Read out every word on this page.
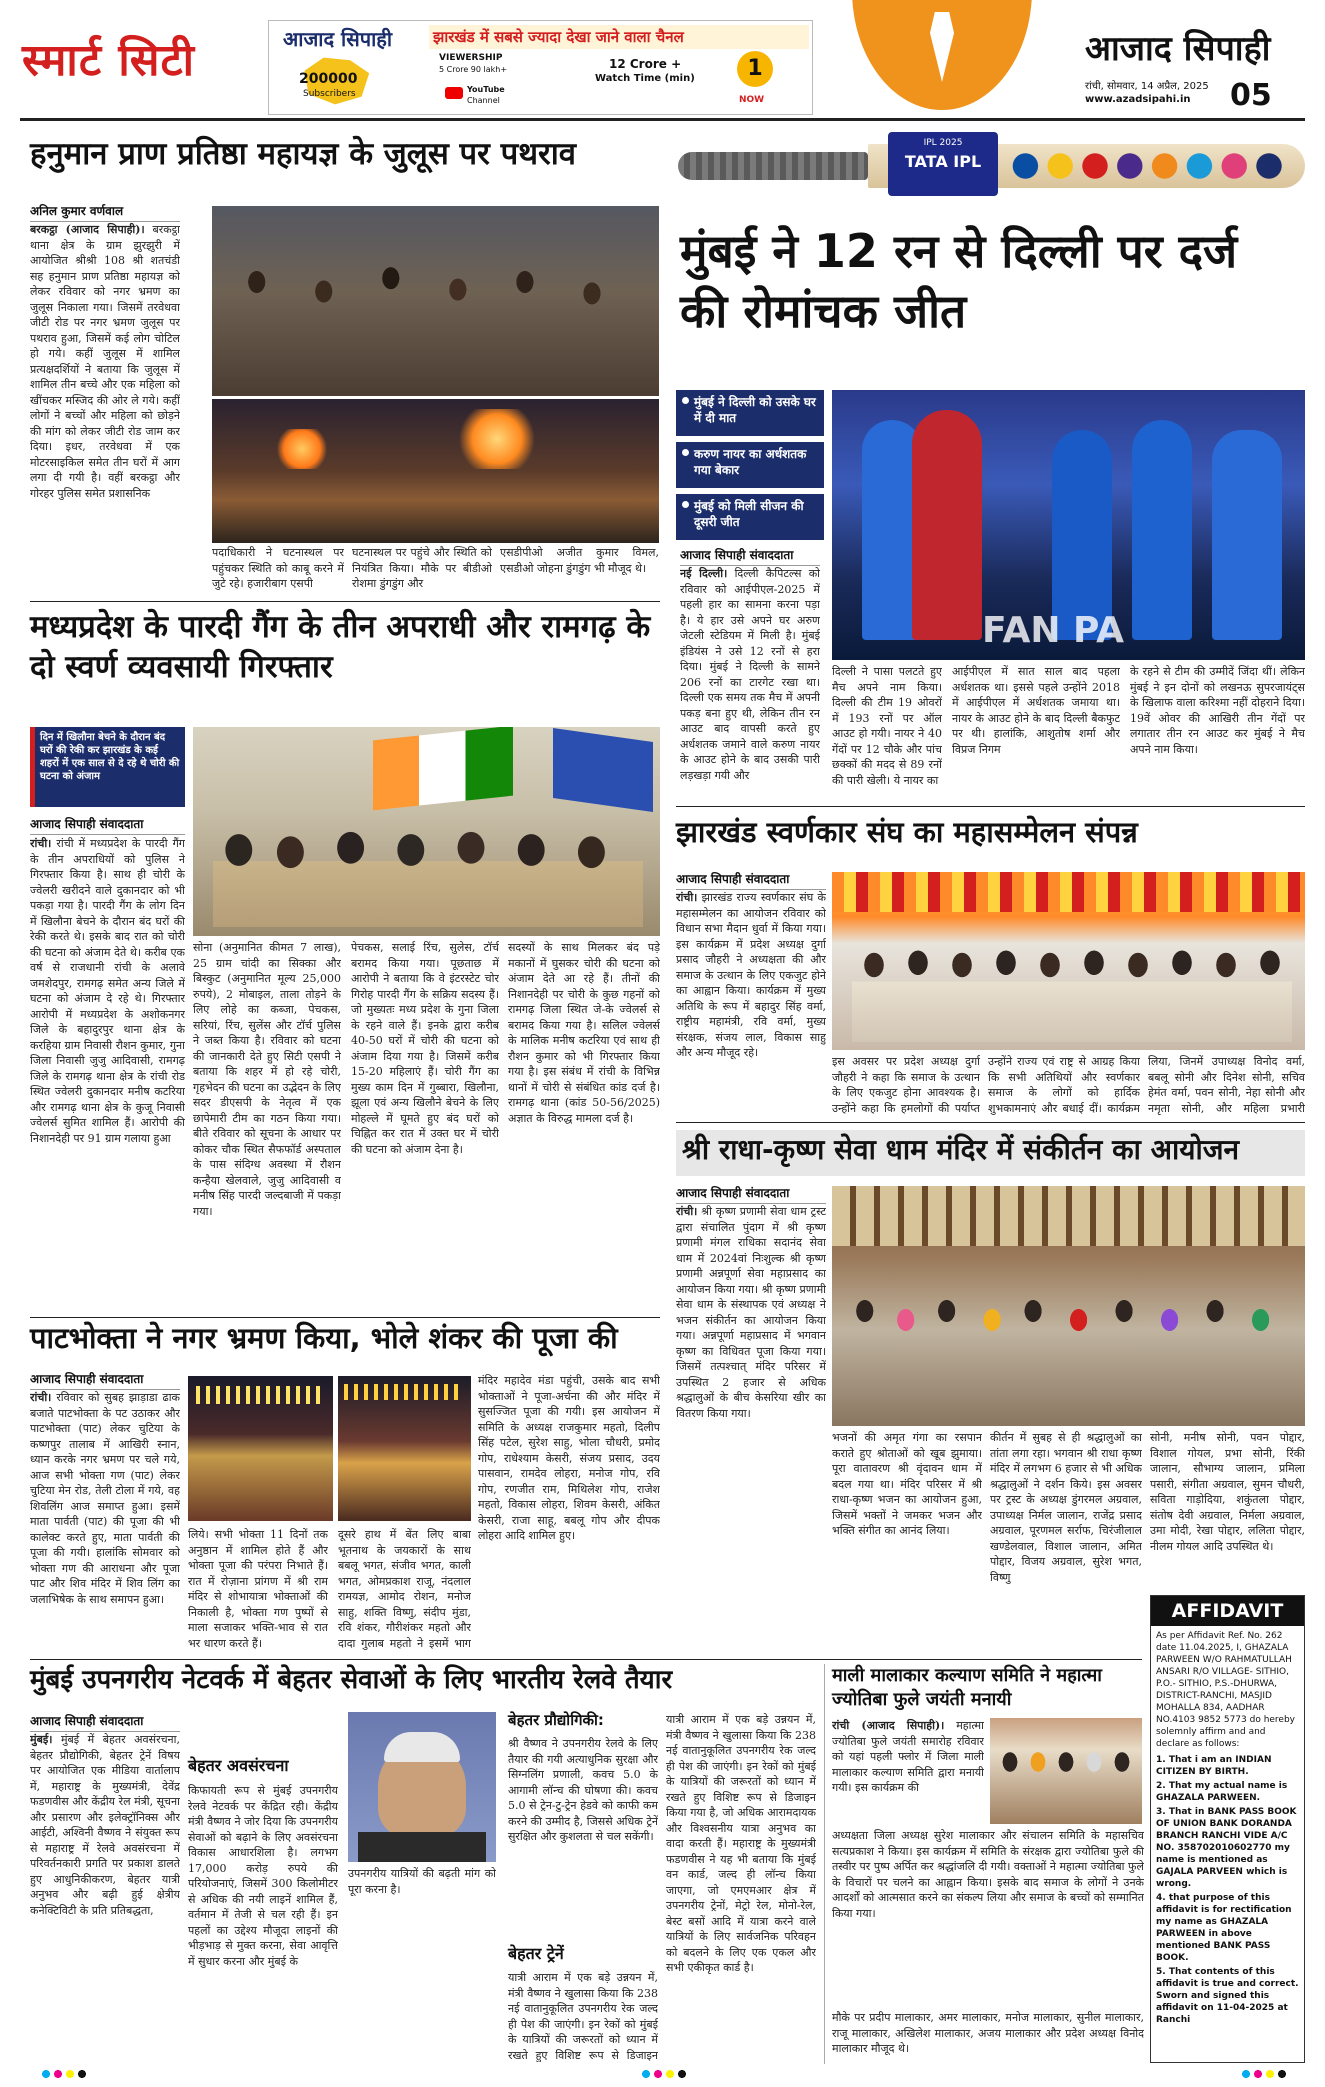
स्मार्ट सिटी	आजाद सिपाही	झारखंड में सबसे ज्यादा देखा जाने वाला चैनल
200000
Subscribers
VIEWERSHIP
5 Crore 90 lakh+
YouTube
Channel
12 Crore +
Watch Time (min)	1
NOW
आजाद सिपाही
रांची, सोमवार, 14 अप्रैल, 2025
www.azadsipahi.in 05
हनुमान प्राण प्रतिष्ठा महायज्ञ के जुलूस पर पथराव
अनिल कुमार वर्णवाल
बरकट्ठा (आजाद सिपाही)। बरकट्ठा थाना क्षेत्र के ग्राम झुरझुरी में आयोजित श्रीश्री 108 श्री शतचंडी सह हनुमान प्राण प्रतिष्ठा महायज्ञ को लेकर रविवार को नगर भ्रमण का जुलूस निकाला गया। जिसमें तरवेधवा जीटी रोड पर नगर भ्रमण जुलूस पर पथराव हुआ, जिसमें कई लोग चोटिल हो गये। कहीं जुलूस में शामिल प्रत्यक्षदर्शियों ने बताया कि जुलूस में शामिल तीन बच्चे और एक महिला को खींचकर मस्जिद की ओर ले गये। कहीं लोगों ने बच्चों और महिला को छोड़ने की मांग को लेकर जीटी रोड जाम कर दिया। इधर, तरवेधवा में एक मोटरसाइकिल समेत तीन घरों में आग लगा दी गयी है। वहीं बरकट्ठा और गोरहर पुलिस समेत प्रशासनिक
पदाधिकारी ने घटनास्थल पर पहुंचकर स्थिति को काबू करने में जुटे रहे। हजारीबाग एसपी
घटनास्थल पर पहुंचे और स्थिति को नियंत्रित किया। मौके पर बीडीओ रोशमा डुंगडुंग और
एसडीपीओ अजीत कुमार विमल, एसडीओ जोहना डुंगडुंग भी मौजूद थे।
मध्यप्रदेश के पारदी गैंग के तीन अपराधी और रामगढ़ के दो स्वर्ण व्यवसायी गिरफ्तार
दिन में खिलौना बेचने के दौरान बंद घरों की रेकी कर झारखंड के कई शहरों में एक साल से दे रहे थे चोरी की घटना को अंजाम
आजाद सिपाही संवाददाता
रांची। रांची में मध्यप्रदेश के पारदी गैंग के तीन अपराधियों को पुलिस ने गिरफ्तार किया है। साथ ही चोरी के ज्वेलरी खरीदने वाले दुकानदार को भी पकड़ा गया है। पारदी गैंग के लोग दिन में खिलौना बेचने के दौरान बंद घरों की रेकी करते थे। इसके बाद रात को चोरी की घटना को अंजाम देते थे। करीब एक वर्ष से राजधानी रांची के अलावे जमशेदपुर, रामगढ़ समेत अन्य जिले में घटना को अंजाम दे रहे थे। गिरफ्तार आरोपी में मध्यप्रदेश के अशोकनगर जिले के बहादुरपुर थाना क्षेत्र के करहिया ग्राम निवासी रौशन कुमार, गुना जिला निवासी जुजु आदिवासी, रामगढ़ जिले के रामगढ़ थाना क्षेत्र के रांची रोड स्थित ज्वेलरी दुकानदार मनीष कटरिया और रामगढ़ थाना क्षेत्र के कुजू निवासी ज्वेलर्स सुमित शामिल हैं। आरोपी की निशानदेही पर 91 ग्राम गलाया हुआ
सोना (अनुमानित कीमत 7 लाख), 25 ग्राम चांदी का सिक्का और बिस्कुट (अनुमानित मूल्य 25,000 रुपये), 2 मोबाइल, ताला तोड़ने के लिए लोहे का कब्जा, पेचकस, सरियां, रिंच, सुलेंस और टॉर्च पुलिस ने जब्त किया है। रविवार को घटना की जानकारी देते हुए सिटी एसपी ने बताया कि शहर में हो रहे चोरी, गृहभेदन की घटना का उद्भेदन के लिए सदर डीएसपी के नेतृत्व में एक छापेमारी टीम का गठन किया गया। बीते रविवार को सूचना के आधार पर कोकर चौक स्थित सैफफॉर्ड अस्पताल के पास संदिग्ध अवस्था में रौशन कन्हैया खेलवाले, जुजु आदिवासी व मनीष सिंह पारदी जल्दबाजी में पकड़ा गया।
पेचकस, सलाई रिंच, सुलेस, टॉर्च बरामद किया गया। पूछताछ में आरोपी ने बताया कि वे इंटरस्टेट चोर गिरोह पारदी गैंग के सक्रिय सदस्य हैं। जो मुख्यतः मध्य प्रदेश के गुना जिला के रहने वाले हैं। इनके द्वारा करीब 40-50 घरों में चोरी की घटना को अंजाम दिया गया है। जिसमें करीब 15-20 महिलाएं हैं। चोरी गैंग का मुख्य काम दिन में गुब्बारा, खिलौना, झूला एवं अन्य खिलौने बेचने के लिए मोहल्ले में घूमते हुए बंद घरों को चिह्नित कर रात में उक्त घर में चोरी की घटना को अंजाम देना है।
सदस्यों के साथ मिलकर बंद पड़े मकानों में घुसकर चोरी की घटना को अंजाम देते आ रहे हैं। तीनों की निशानदेही पर चोरी के कुछ गहनों को रामगढ़ जिला स्थित जे-के ज्वेलर्स से बरामद किया गया है। सलिल ज्वेलर्स के मालिक मनीष कटरिया एवं साथ ही रौशन कुमार को भी गिरफ्तार किया गया है। इस संबंध में रांची के विभिन्न थानों में चोरी से संबंधित कांड दर्ज है। रामगढ़ थाना (कांड 50-56/2025) अज्ञात के विरुद्ध मामला दर्ज है।
पाटभोक्ता ने नगर भ्रमण किया, भोले शंकर की पूजा की
आजाद सिपाही संवाददाता
रांची। रविवार को सुबह झाड़ाडा ढाक बजाते पाटभोक्ता के पट उठाकर और पाटभोक्ता (पाट) लेकर चुटिया के कष्णपुर तालाब में आखिरी स्नान, ध्यान करके नगर भ्रमण पर चले गये, आज सभी भोक्ता गण (पाट) लेकर चुटिया मेन रोड, तेली टोला में गये, वह शिवलिंग आज समाप्त हुआ। इसमें माता पार्वती (पाट) की पूजा की भी कालेक्ट करते हुए, माता पार्वती की पूजा की गयी। हालांकि सोमवार को भोक्ता गण की आराधना और पूजा पाट और शिव मंदिर में शिव लिंग का जलाभिषेक के साथ समापन हुआ।
लिये। सभी भोक्ता 11 दिनों तक अनुष्ठान में शामिल होते हैं और भोक्ता पूजा की परंपरा निभाते हैं। रात में रोज़ाना प्रांगण में श्री राम मंदिर से शोभायात्रा भोक्ताओं की निकाली है, भोक्ता गण पुष्पों से माला सजाकर भक्ति-भाव से रात भर धारण करते हैं।
दूसरे हाथ में बेंत लिए बाबा भूतनाथ के जयकारों के साथ बबलू भगत, संजीव भगत, काली भगत, ओमप्रकाश राजू, नंदलाल रामयज्ञ, आमोद रोशन, मनोज साहु, शक्ति विष्णु, संदीप मुंडा, रवि शंकर, गौरीशंकर महतो और दादा गुलाब महतो ने इसमें भाग
मंदिर महादेव मंडा पहुंची, उसके बाद सभी भोक्ताओं ने पूजा-अर्चना की और मंदिर में सुसज्जित पूजा की गयी। इस आयोजन में समिति के अध्यक्ष राजकुमार महतो, दिलीप सिंह पटेल, सुरेश साहु, भोला चौधरी, प्रमोद गोप, राधेश्याम केसरी, संजय प्रसाद, उदय पासवान, रामदेव लोहरा, मनोज गोप, रवि गोप, रणजीत राम, मिथिलेश गोप, राजेश महतो, विकास लोहरा, शिवम केसरी, अंकित केसरी, राजा साहू, बबलू गोप और दीपक लोहरा आदि शामिल हुए।
IPL 2025
TATA IPL
मुंबई ने 12 रन से दिल्ली पर दर्ज की रोमांचक जीत
मुंबई ने दिल्ली को उसके घर में दी मात
करुण नायर का अर्धशतक गया बेकार
मुंबई को मिली सीजन की दूसरी जीत
आजाद सिपाही संवाददाता
नई दिल्ली। दिल्ली कैपिटल्स को रविवार को आईपीएल-2025 में पहली हार का सामना करना पड़ा है। ये हार उसे अपने घर अरुण जेटली स्टेडियम में मिली है। मुंबई इंडियंस ने उसे 12 रनों से हरा दिया। मुंबई ने दिल्ली के सामने 206 रनों का टारगेट रखा था। दिल्ली एक समय तक मैच में अपनी पकड़ बना हुए थी, लेकिन तीन रन आउट बाद वापसी करते हुए अर्धशतक जमाने वाले करुण नायर के आउट होने के बाद उसकी पारी लड़खड़ा गयी और
FAN PA
दिल्ली ने पासा पलटते हुए मैच अपने नाम किया। दिल्ली की टीम 19 ओवरों में 193 रनों पर ऑल आउट हो गयी। नायर ने 40 गेंदों पर 12 चौके और पांच छक्कों की मदद से 89 रनों की पारी खेली। ये नायर का
आईपीएल में सात साल बाद पहला अर्धशतक था। इससे पहले उन्होंने 2018 में आईपीएल में अर्धशतक जमाया था। नायर के आउट होने के बाद दिल्ली बैकफुट पर थी। हालांकि, आशुतोष शर्मा और विप्रज निगम
के रहने से टीम की उम्मीदें जिंदा थीं। लेकिन मुंबई ने इन दोनों को लखनऊ सुपरजायंट्स के खिलाफ वाला करिश्मा नहीं दोहराने दिया। 19वें ओवर की आखिरी तीन गेंदों पर लगातार तीन रन आउट कर मुंबई ने मैच अपने नाम किया।
झारखंड स्वर्णकार संघ का महासम्मेलन संपन्न
आजाद सिपाही संवाददाता
रांची। झारखंड राज्य स्वर्णकार संघ के महासम्मेलन का आयोजन रविवार को विधान सभा मैदान धुर्वा में किया गया। इस कार्यक्रम में प्रदेश अध्यक्ष दुर्गा प्रसाद जौहरी ने अध्यक्षता की और समाज के उत्थान के लिए एकजुट होने का आह्वान किया। कार्यक्रम में मुख्य अतिथि के रूप में बहादुर सिंह वर्मा, राष्ट्रीय महामंत्री, रवि वर्मा, मुख्य संरक्षक, संजय लाल, विकास साहु और अन्य मौजूद रहे।
इस अवसर पर प्रदेश अध्यक्ष दुर्गा जौहरी ने कहा कि समाज के उत्थान के लिए एकजुट होना आवश्यक है। उन्होंने कहा कि हमलोगों की पर्याप्त
उन्होंने राज्य एवं राष्ट्र से आग्रह किया कि सभी अतिथियों और स्वर्णकार समाज के लोगों को हार्दिक शुभकामनाएं और बधाई दीं। कार्यक्रम
लिया, जिनमें उपाध्यक्ष विनोद वर्मा, बबलू सोनी और दिनेश सोनी, सचिव हेमंत वर्मा, पवन सोनी, नेहा सोनी और नमृता सोनी, और महिला प्रभारी
श्री राधा-कृष्ण सेवा धाम मंदिर में संकीर्तन का आयोजन
आजाद सिपाही संवाददाता
रांची। श्री कृष्ण प्रणामी सेवा धाम ट्रस्ट द्वारा संचालित पुंदाग में श्री कृष्ण प्रणामी मंगल राधिका सदानंद सेवा धाम में 2024वां निःशुल्क श्री कृष्ण प्रणामी अन्नपूर्णा सेवा महाप्रसाद का आयोजन किया गया। श्री कृष्ण प्रणामी सेवा धाम के संस्थापक एवं अध्यक्ष ने भजन संकीर्तन का आयोजन किया गया। अन्नपूर्णा महाप्रसाद में भगवान कृष्ण का विधिवत पूजा किया गया। जिसमें तत्पश्चात् मंदिर परिसर में उपस्थित 2 हजार से अधिक श्रद्धालुओं के बीच केसरिया खीर का वितरण किया गया।
भजनों की अमृत गंगा का रसपान कराते हुए श्रोताओं को खूब झुमाया। पूरा वातावरण श्री वृंदावन धाम में बदल गया था। मंदिर परिसर में श्री राधा-कृष्ण भजन का आयोजन हुआ, जिसमें भक्तों ने जमकर भजन और भक्ति संगीत का आनंद लिया।
कीर्तन में सुबह से ही श्रद्धालुओं का तांता लगा रहा। भगवान श्री राधा कृष्ण मंदिर में लगभग 6 हजार से भी अधिक श्रद्धालुओं ने दर्शन किये। इस अवसर पर ट्रस्ट के अध्यक्ष डुंगरमल अग्रवाल, उपाध्यक्ष निर्मल जालान, राजेंद्र प्रसाद अग्रवाल, पूरणमल सर्राफ, चिरंजीलाल खण्डेलवाल, विशाल जालान, अमित पोद्दार, विजय अग्रवाल, सुरेश भगत, विष्णु
सोनी, मनीष सोनी, पवन पोद्दार, विशाल गोयल, प्रभा सोनी, रिंकी जालान, सौभाग्य जालान, प्रमिला पसारी, संगीता अग्रवाल, सुमन चौधरी, सविता गाड़ोदिया, शकुंतला पोद्दार, संतोष देवी अग्रवाल, निर्मला अग्रवाल, उमा मोदी, रेखा पोद्दार, ललिता पोद्दार, नीलम गोयल आदि उपस्थित थे।
AFFIDAVIT
As per Affidavit Ref. No. 262 date 11.04.2025, I, GHAZALA PARWEEN W/O RAHMATULLAH ANSARI R/O VILLAGE- SITHIO, P.O.- SITHIO, P.S.-DHURWA, DISTRICT-RANCHI, MASJID MOHALLA 834, AADHAR NO.4103 9852 5773 do hereby solemnly affirm and and declare as follows:
1. That i am an INDIAN CITIZEN BY BIRTH.
2. That my actual name is GHAZALA PARWEEN.
3. That in BANK PASS BOOK OF UNION BANK DORANDA BRANCH RANCHI VIDE A/C NO. 358702010602770 my name is mentioned as GAJALA PARVEEN which is wrong.
4. that purpose of this affidavit is for rectification my name as GHAZALA PARWEEN in above mentioned BANK PASS BOOK.
5. That contents of this affidavit is true and correct. Sworn and signed this affidavit on 11-04-2025 at Ranchi
मुंबई उपनगरीय नेटवर्क में बेहतर सेवाओं के लिए भारतीय रेलवे तैयार
आजाद सिपाही संवाददाता
मुंबई। मुंबई में बेहतर अवसंरचना, बेहतर प्रौद्योगिकी, बेहतर ट्रेनें विषय पर आयोजित एक मीडिया वार्तालाप में, महाराष्ट्र के मुख्यमंत्री, देवेंद्र फडणवीस और केंद्रीय रेल मंत्री, सूचना और प्रसारण और इलेक्ट्रॉनिक्स और आईटी, अश्विनी वैष्णव ने संयुक्त रूप से महाराष्ट्र में रेलवे अवसंरचना में परिवर्तनकारी प्रगति पर प्रकाश डालते हुए आधुनिकीकरण, बेहतर यात्री अनुभव और बढ़ी हुई क्षेत्रीय कनेक्टिविटी के प्रति प्रतिबद्धता,
बेहतर अवसंरचना
किफायती रूप से मुंबई उपनगरीय रेलवे नेटवर्क पर केंद्रित रही। केंद्रीय मंत्री वैष्णव ने जोर दिया कि उपनगरीय सेवाओं को बढ़ाने के लिए अवसंरचना विकास आधारशिला है। लगभग 17,000 करोड़ रुपये की परियोजनाएं, जिसमें 300 किलोमीटर से अधिक की नयी लाइनें शामिल हैं, वर्तमान में तेजी से चल रही हैं। इन पहलों का उद्देश्य मौजूदा लाइनों की भीड़भाड़ से मुक्त करना, सेवा आवृत्ति में सुधार करना और मुंबई के
उपनगरीय यात्रियों की बढ़ती मांग को पूरा करना है।
बेहतर प्रौद्योगिकी:
श्री वैष्णव ने उपनगरीय रेलवे के लिए तैयार की गयी अत्याधुनिक सुरक्षा और सिग्नलिंग प्रणाली, कवच 5.0 के आगामी लॉन्च की घोषणा की। कवच 5.0 से ट्रेन-टु-ट्रेन हेडवे को काफी कम करने की उम्मीद है, जिससे अधिक ट्रेनें सुरक्षित और कुशलता से चल सकेंगी।
बेहतर ट्रेनें
यात्री आराम में एक बड़े उन्नयन में, मंत्री वैष्णव ने खुलासा किया कि 238 नई वातानुकूलित उपनगरीय रेक जल्द ही पेश की जाएंगी। इन रेकों को मुंबई के यात्रियों की जरूरतों को ध्यान में रखते हुए विशिष्ट रूप से डिजाइन
यात्री आराम में एक बड़े उन्नयन में, मंत्री वैष्णव ने खुलासा किया कि 238 नई वातानुकूलित उपनगरीय रेक जल्द ही पेश की जाएंगी। इन रेकों को मुंबई के यात्रियों की जरूरतों को ध्यान में रखते हुए विशिष्ट रूप से डिजाइन किया गया है, जो अधिक आरामदायक और विश्वसनीय यात्रा अनुभव का वादा करती हैं। महाराष्ट्र के मुख्यमंत्री फडणवीस ने यह भी बताया कि मुंबई वन कार्ड, जल्द ही लॉन्च किया जाएगा, जो एमएमआर क्षेत्र में उपनगरीय ट्रेनों, मेट्रो रेल, मोनो-रेल, बेस्ट बसों आदि में यात्रा करने वाले यात्रियों के लिए सार्वजनिक परिवहन को बदलने के लिए एक एकल और सभी एकीकृत कार्ड है।
माली मालाकार कल्याण समिति ने महात्मा ज्योतिबा फुले जयंती मनायी
रांची (आजाद सिपाही)। महात्मा ज्योतिबा फुले जयंती समारोह रविवार को यहां पहली फ्लोर में जिला माली मालाकार कल्याण समिति द्वारा मनायी गयी। इस कार्यक्रम की
अध्यक्षता जिला अध्यक्ष सुरेश मालाकार और संचालन समिति के महासचिव सत्यप्रकाश ने किया। इस कार्यक्रम में समिति के संरक्षक द्वारा ज्योतिबा फुले की तस्वीर पर पुष्प अर्पित कर श्रद्धांजलि दी गयी। वक्ताओं ने महात्मा ज्योतिबा फुले के विचारों पर चलने का आह्वान किया। इसके बाद समाज के लोगों ने उनके आदर्शों को आत्मसात करने का संकल्प लिया और समाज के बच्चों को सम्मानित किया गया।
मौके पर प्रदीप मालाकार, अमर मालाकार, मनोज मालाकार, सुनील मालाकार, राजू मालाकार, अखिलेश मालाकार, अजय मालाकार और प्रदेश अध्यक्ष विनोद मालाकार मौजूद थे।
